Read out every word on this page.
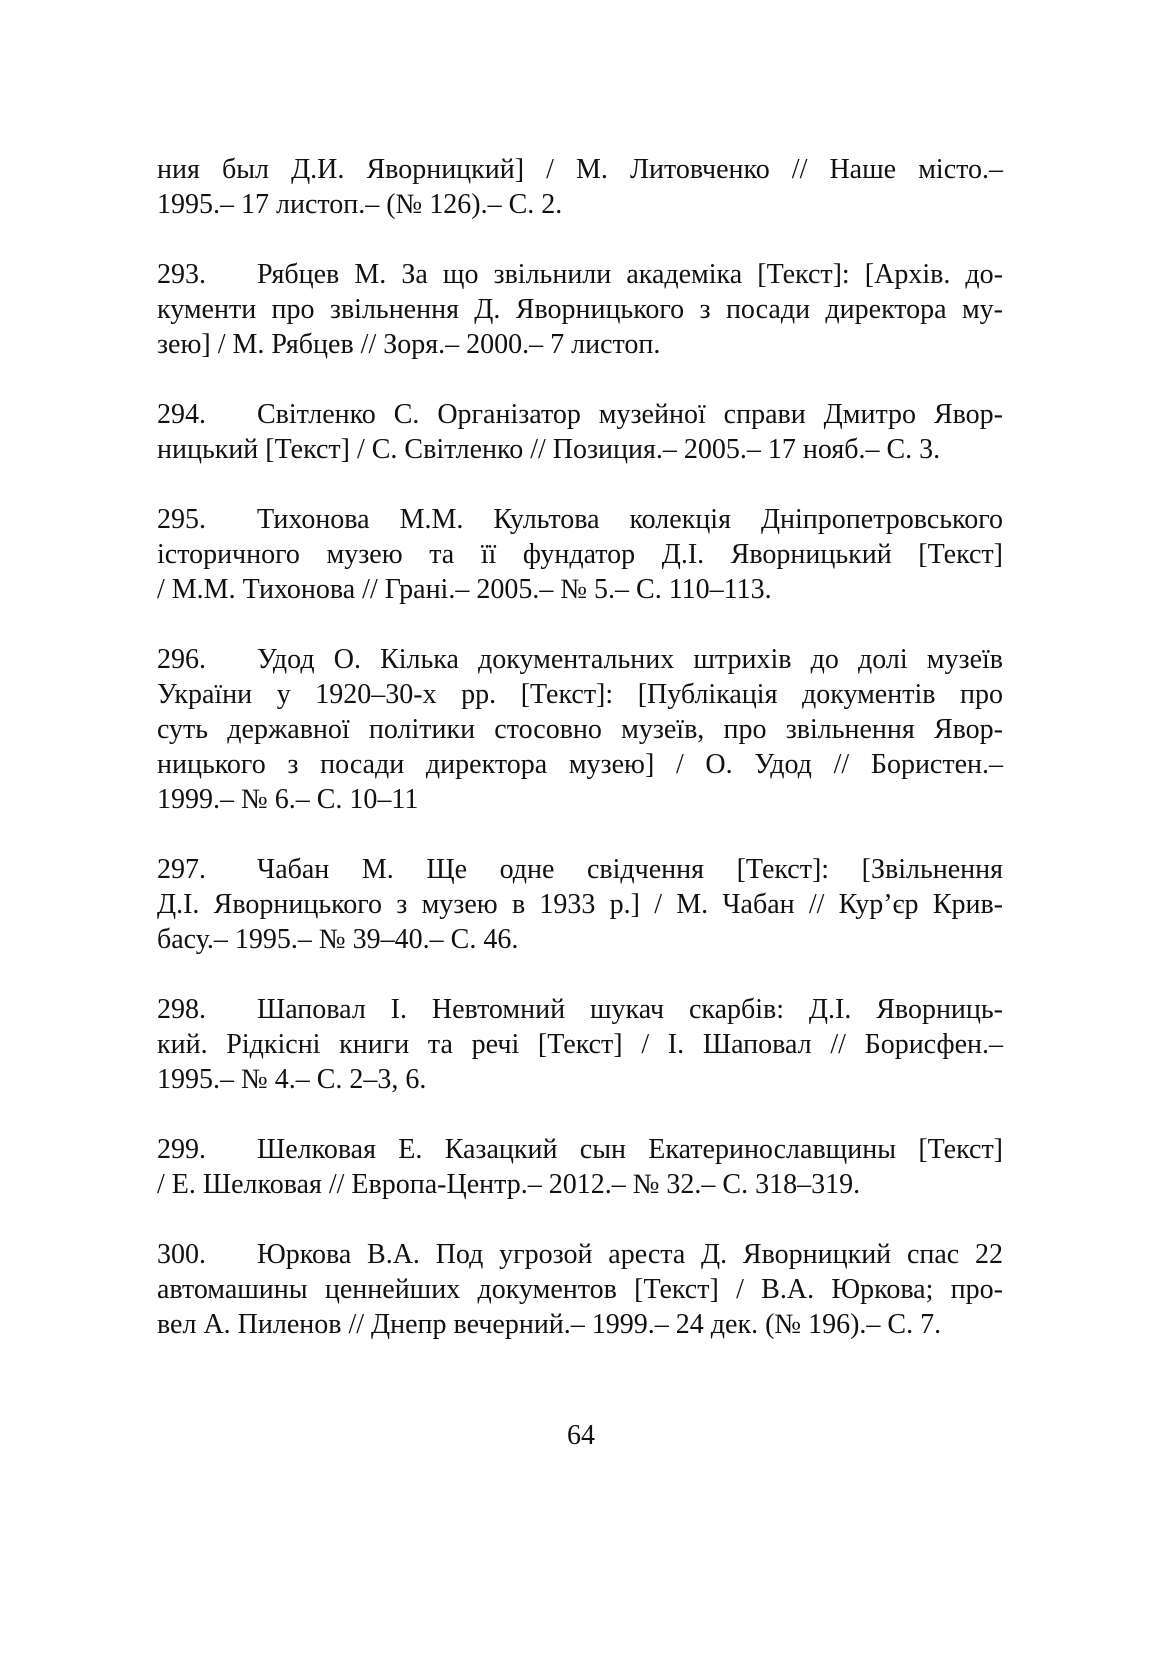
ния был Д.И. Яворницкий] / М. Литовченко // Наше місто.–
1995.– 17 листоп.– (№ 126).– С. 2.
293. Рябцев М. За що звільнили академіка [Текст]: [Архів. до-
кументи про звільнення Д. Яворницького з посади директора му-
зею] / М. Рябцев // Зоря.– 2000.– 7 листоп.
294. Світленко С. Організатор музейної справи Дмитро Явор-
ницький [Текст] / С. Світленко // Позиция.– 2005.– 17 нояб.– С. 3.
295. Тихонова М.М. Культова колекція Дніпропетровського
історичного музею та її фундатор Д.І. Яворницький [Текст]
/ М.М. Тихонова // Грані.– 2005.– № 5.– С. 110–113.
296. Удод О. Кілька документальних штрихів до долі музеїв
України у 1920–30-х рр. [Текст]: [Публікація документів про
суть державної політики стосовно музеїв, про звільнення Явор-
ницького з посади директора музею] / О. Удод // Бористен.–
1999.– № 6.– С. 10–11
297. Чабан М. Ще одне свідчення [Текст]: [Звільнення
Д.І. Яворницького з музею в 1933 р.] / М. Чабан // Кур’єр Крив-
басу.– 1995.– № 39–40.– С. 46.
298. Шаповал І. Невтомний шукач скарбів: Д.І. Яворниць-
кий. Рідкісні книги та речі [Текст] / І. Шаповал // Борисфен.–
1995.– № 4.– С. 2–3, 6.
299. Шелковая Е. Казацкий сын Екатеринославщины [Текст]
/ Е. Шелковая // Европа-Центр.– 2012.– № 32.– С. 318–319.
300. Юркова В.А. Под угрозой ареста Д. Яворницкий спас 22
автомашины ценнейших документов [Текст] / В.А. Юркова; про-
вел А. Пиленов // Днепр вечерний.– 1999.– 24 дек. (№ 196).– С. 7.
64
